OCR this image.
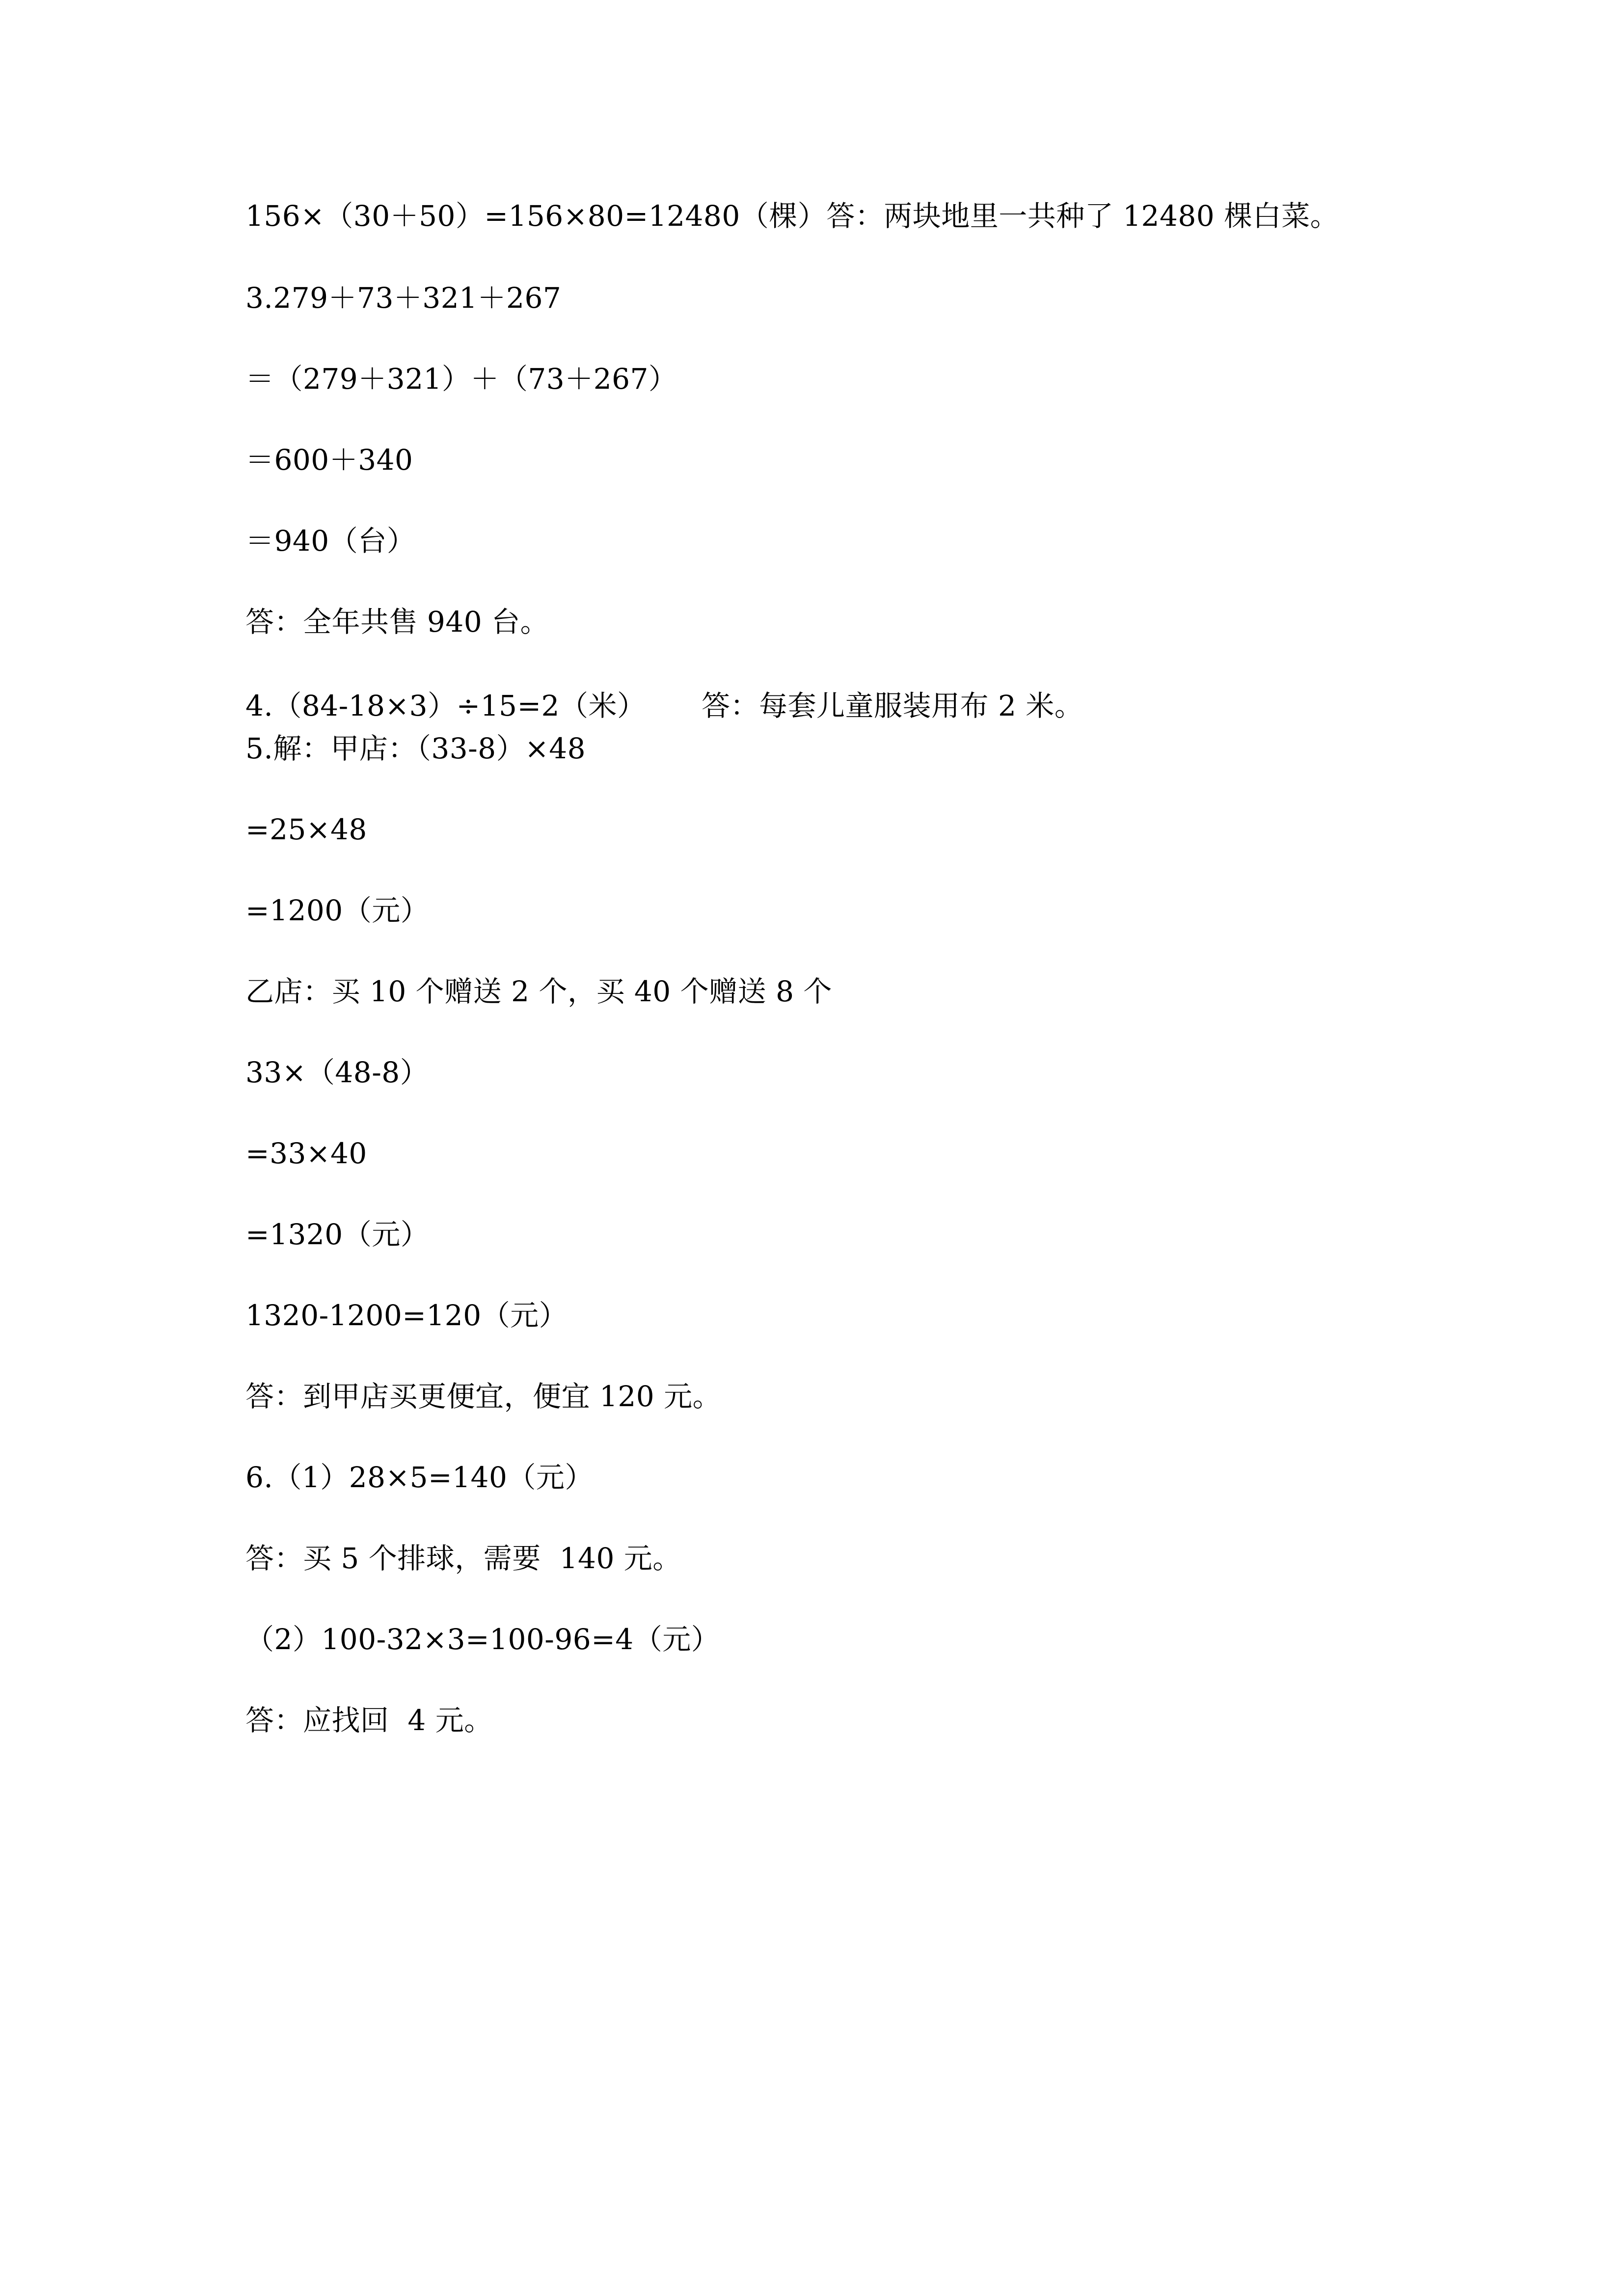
156×（30＋50）=156×80=12480（棵）答：两块地里一共种了 12480 棵白菜。
3.279＋73＋321＋267
＝（279＋321）＋（73＋267）
＝600＋340
＝940（台）
答：全年共售 940 台。
4.（84-18×3）÷15=2（米）      答：每套儿童服装用布 2 米。
5.解：甲店：（33-8）×48
=25×48
=1200（元）
乙店：买 10 个赠送 2 个，买 40 个赠送 8 个
33×（48-8）
=33×40
=1320（元）
1320-1200=120（元）
答：到甲店买更便宜，便宜 120 元。
6.（1）28×5=140（元）
答：买 5 个排球，需要  140 元。
（2）100-32×3=100-96=4（元）
答：应找回  4 元。
